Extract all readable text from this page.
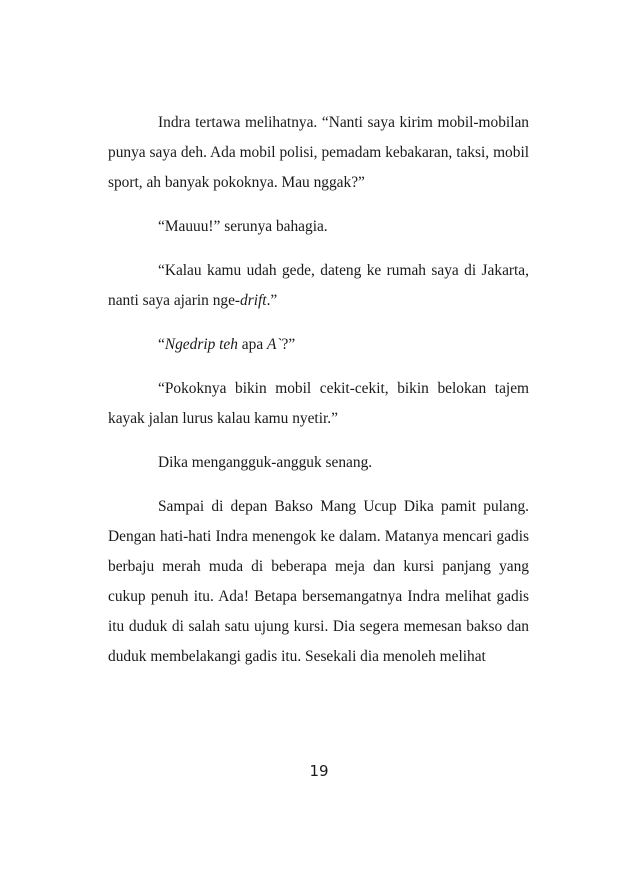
Indra tertawa melihatnya. “Nanti saya kirim mobil-mobilan punya saya deh. Ada mobil polisi, pemadam kebakaran, taksi, mobil sport, ah banyak pokoknya. Mau nggak?”

“Mauuu!” serunya bahagia.

“Kalau kamu udah gede, dateng ke rumah saya di Jakarta, nanti saya ajarin nge-drift.”

“Ngedrip teh apa A`?”

“Pokoknya bikin mobil cekit-cekit, bikin belokan tajem kayak jalan lurus kalau kamu nyetir.”

Dika mengangguk-angguk senang.

Sampai di depan Bakso Mang Ucup Dika pamit pulang. Dengan hati-hati Indra menengok ke dalam. Matanya mencari gadis berbaju merah muda di beberapa meja dan kursi panjang yang cukup penuh itu. Ada! Betapa bersemangatnya Indra melihat gadis itu duduk di salah satu ujung kursi. Dia segera memesan bakso dan duduk membelakangi gadis itu. Sesekali dia menoleh melihat

19
